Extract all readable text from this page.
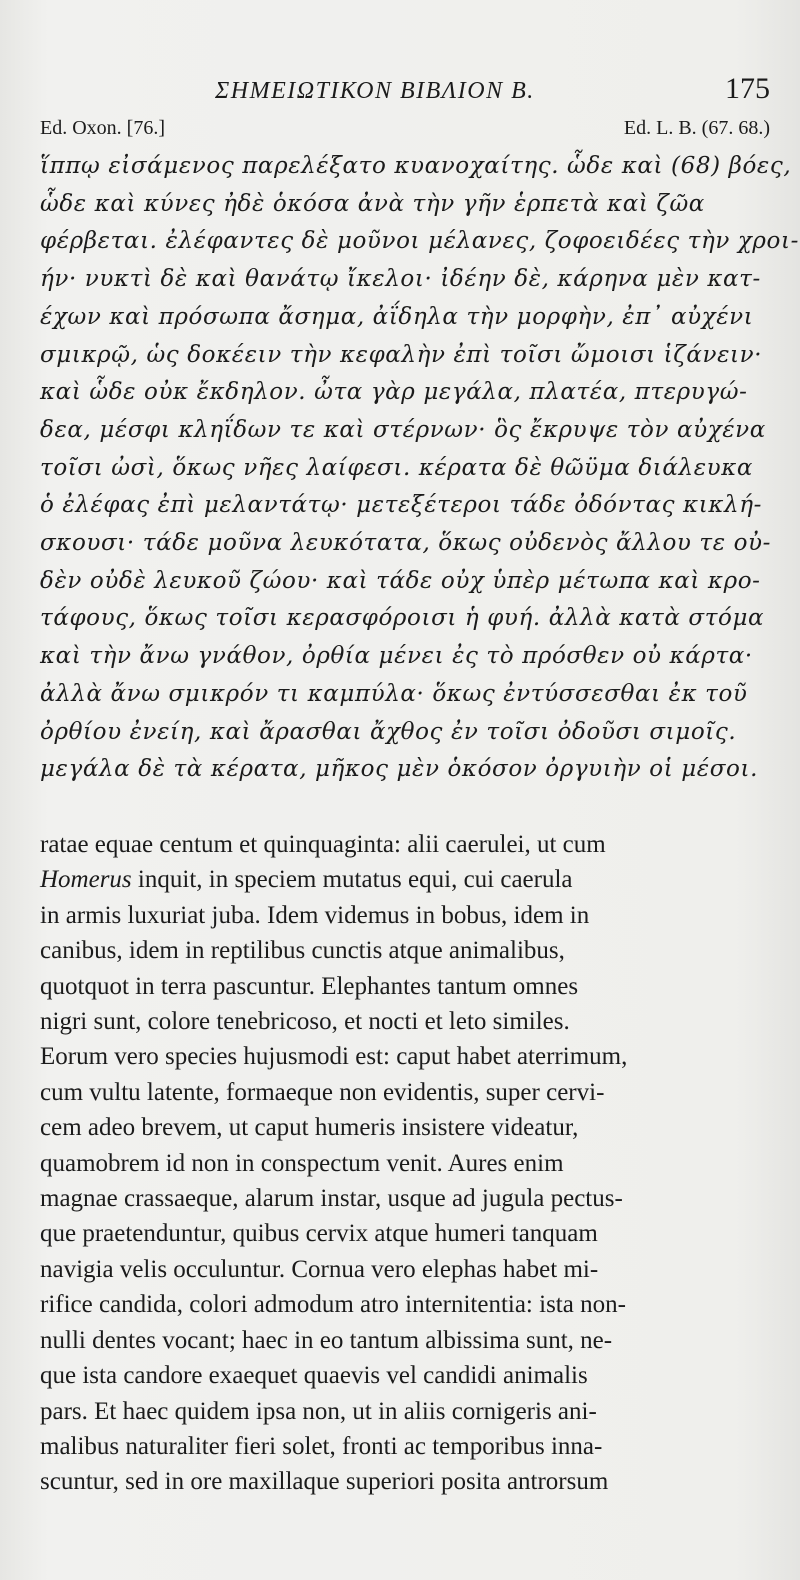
ΣΗΜΕΙΩΤΙΚΟΝ ΒΙΒΛΙΟΝ Β.	175
Ed. Oxon. [76.]	Ed. L. B. (67. 68.)
ἵππῳ εἰσάμενος παρελέξατο κυανοχαίτης. ὧδε καὶ (68) βόες,
ὧδε καὶ κύνες ἠδὲ ὁκόσα ἀνὰ τὴν γῆν ἑρπετὰ καὶ ζῶα
φέρβεται. ἐλέφαντες δὲ μοῦνοι μέλανες, ζοφοειδέες τὴν χροι-
ήν· νυκτὶ δὲ καὶ θανάτῳ ἴκελοι· ἰδέην δὲ, κάρηνα μὲν κατ-
έχων καὶ πρόσωπα ἄσημα, ἀΐδηλα τὴν μορφὴν, ἐπ᾽ αὐχένι
σμικρῷ, ὡς δοκέειν τὴν κεφαλὴν ἐπὶ τοῖσι ὤμοισι ἱζάνειν·
καὶ ὧδε οὐκ ἔκδηλον. ὦτα γὰρ μεγάλα, πλατέα, πτερυγώ-
δεα, μέσφι κληΐδων τε καὶ στέρνων· ὃς ἔκρυψε τὸν αὐχένα
τοῖσι ὠσὶ, ὅκως νῆες λαίφεσι. κέρατα δὲ θῶϋμα διάλευκα
ὁ ἐλέφας ἐπὶ μελαντάτῳ· μετεξέτεροι τάδε ὀδόντας κικλή-
σκουσι· τάδε μοῦνα λευκότατα, ὅκως οὐδενὸς ἄλλου τε οὐ-
δὲν οὐδὲ λευκοῦ ζώου· καὶ τάδε οὐχ ὑπὲρ μέτωπα καὶ κρο-
τάφους, ὅκως τοῖσι κερασφόροισι ἡ φυή. ἀλλὰ κατὰ στόμα
καὶ τὴν ἄνω γνάθον, ὀρθία μένει ἐς τὸ πρόσθεν οὐ κάρτα·
ἀλλὰ ἄνω σμικρόν τι καμπύλα· ὅκως ἐντύσσεσθαι ἐκ τοῦ
ὀρθίου ἐνείη, καὶ ἄρασθαι ἄχθος ἐν τοῖσι ὀδοῦσι σιμοῖς.
μεγάλα δὲ τὰ κέρατα, μῆκος μὲν ὁκόσον ὀργυιὴν οἱ μέσοι.
ratae equae centum et quinquaginta: alii caerulei, ut cum
Homerus inquit, in speciem mutatus equi, cui caerula
in armis luxuriat juba. Idem videmus in bobus, idem in
canibus, idem in reptilibus cunctis atque animalibus,
quotquot in terra pascuntur. Elephantes tantum omnes
nigri sunt, colore tenebricoso, et nocti et leto similes.
Eorum vero species hujusmodi est: caput habet aterrimum,
cum vultu latente, formaeque non evidentis, super cervi-
cem adeo brevem, ut caput humeris insistere videatur,
quamobrem id non in conspectum venit. Aures enim
magnae crassaeque, alarum instar, usque ad jugula pectus-
que praetenduntur, quibus cervix atque humeri tanquam
navigia velis occuluntur. Cornua vero elephas habet mi-
rifice candida, colori admodum atro internitentia: ista non-
nulli dentes vocant; haec in eo tantum albissima sunt, ne-
que ista candore exaequet quaevis vel candidi animalis
pars. Et haec quidem ipsa non, ut in aliis cornigeris ani-
malibus naturaliter fieri solet, fronti ac temporibus inna-
scuntur, sed in ore maxillaque superiori posita antrorsum
